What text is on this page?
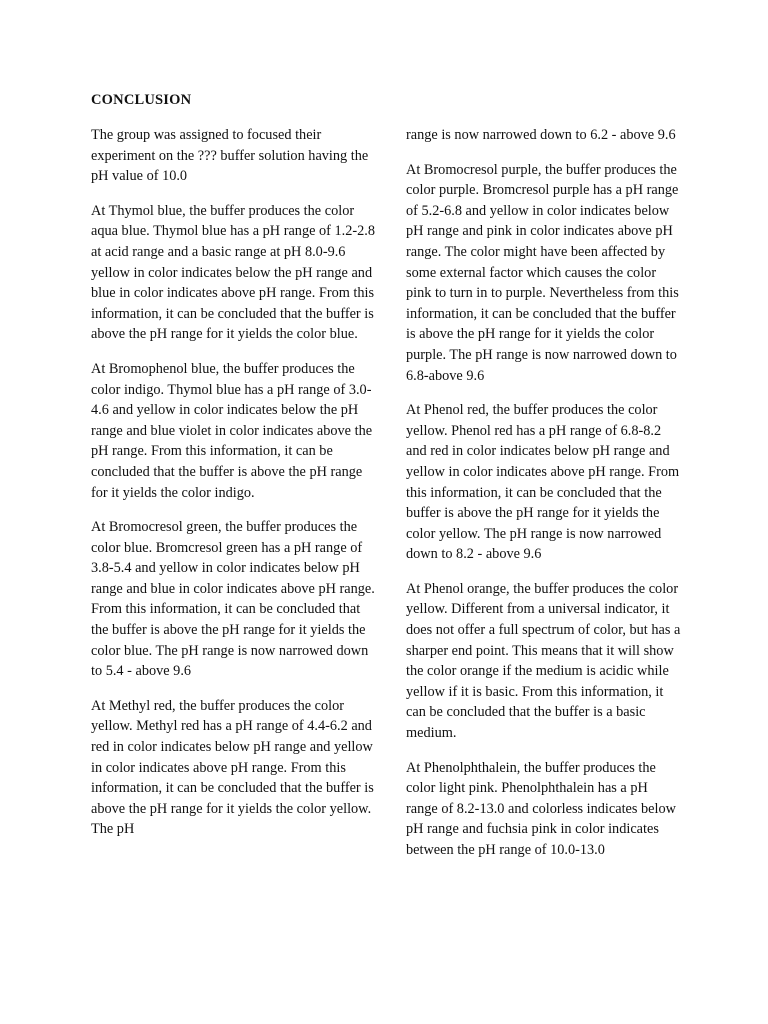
CONCLUSION

The group was assigned to focused their experiment on the ??? buffer solution having the pH value of 10.0

At Thymol blue, the buffer produces the color aqua blue. Thymol blue has a pH range of 1.2-2.8 at acid range and a basic range at pH 8.0-9.6 yellow in color indicates below the pH range and blue in color indicates above pH range. From this information, it can be concluded that the buffer is above the pH range for it yields the color blue.

At Bromophenol blue, the buffer produces the color indigo. Thymol blue has a pH range of 3.0-4.6 and yellow in color indicates below the pH range and blue violet in color indicates above the pH range. From this information, it can be concluded that the buffer is above the pH range for it yields the color indigo.

At Bromocresol green, the buffer produces the color blue. Bromcresol green has a pH range of 3.8-5.4 and yellow in color indicates below pH range and blue in color indicates above pH range. From this information, it can be concluded that the buffer is above the pH range for it yields the color blue. The pH range is now narrowed down to 5.4 - above 9.6

At Methyl red, the buffer produces the color yellow. Methyl red has a pH range of 4.4-6.2 and red in color indicates below pH range and yellow in color indicates above pH range. From this information, it can be concluded that the buffer is above the pH range for it yields the color yellow. The pH

range is now narrowed down to 6.2 - above 9.6

At Bromocresol purple, the buffer produces the color purple. Bromcresol purple has a pH range of 5.2-6.8 and yellow in color indicates below pH range and pink in color indicates above pH range. The color might have been affected by some external factor which causes the color pink to turn in to purple. Nevertheless from this information, it can be concluded that the buffer is above the pH range for it yields the color purple. The pH range is now narrowed down to 6.8-above 9.6

At Phenol red, the buffer produces the color yellow. Phenol red has a pH range of 6.8-8.2 and red in color indicates below pH range and yellow in color indicates above pH range. From this information, it can be concluded that the buffer is above the pH range for it yields the color yellow. The pH range is now narrowed down to 8.2 - above 9.6

At Phenol orange, the buffer produces the color yellow. Different from a universal indicator, it does not offer a full spectrum of color, but has a sharper end point. This means that it will show the color orange if the medium is acidic while yellow if it is basic. From this information, it can be concluded that the buffer is a basic medium.

At Phenolphthalein, the buffer produces the color light pink. Phenolphthalein has a pH range of 8.2-13.0 and colorless indicates below pH range and fuchsia pink in color indicates between the pH range of 10.0-13.0
